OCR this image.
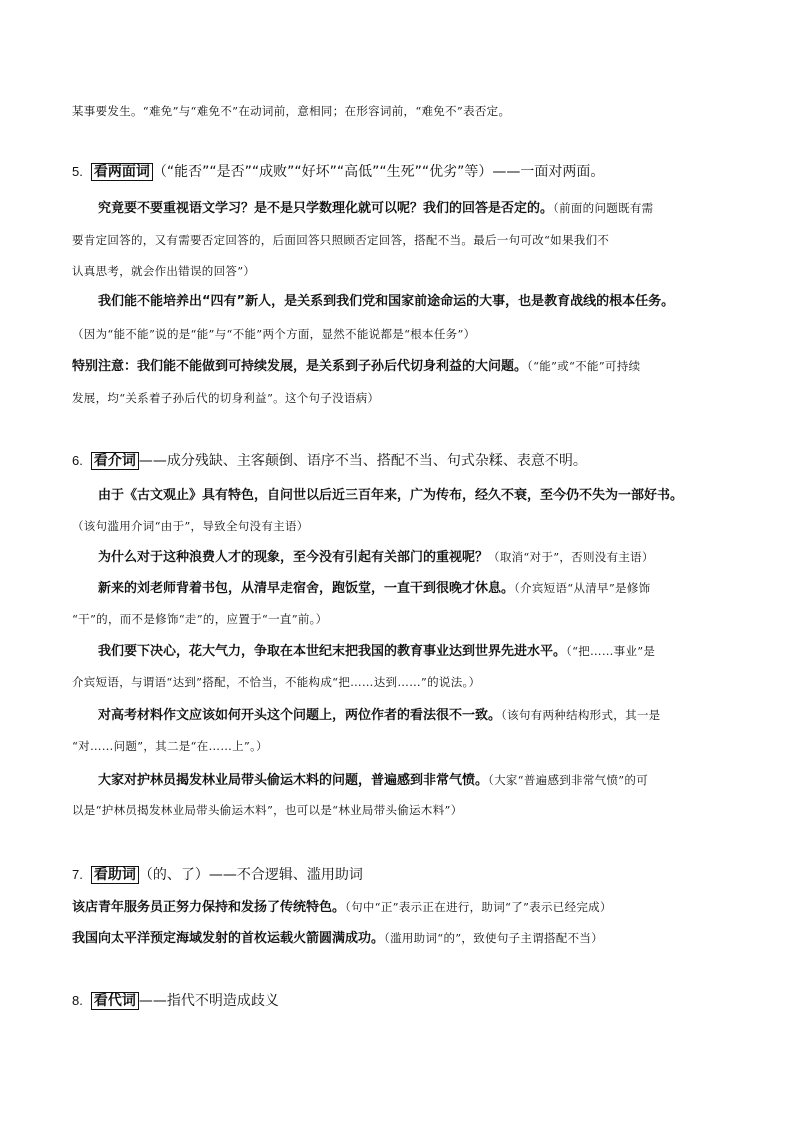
某事要发生。“难免”与“难免不”在动词前，意相同；在形容词前，“难免不”表否定。
5. 看两面词 （“能否”“是否”“成败”“好坏”“高低”“生死”“优劣”等）——一面对两面。
究竟要不要重视语文学习？是不是只学数理化就可以呢？我们的回答是否定的。（前面的问题既有需
要肯定回答的，又有需要否定回答的，后面回答只照顾否定回答，搭配不当。最后一句可改“如果我们不
认真思考，就会作出错误的回答”）
我们能不能培养出“四有”新人，是关系到我们党和国家前途命运的大事，也是教育战线的根本任务。
（因为“能不能”说的是“能”与“不能”两个方面，显然不能说都是“根本任务”）
特别注意：我们能不能做到可持续发展，是关系到子孙后代切身利益的大问题。（“能”或“不能”可持续
发展，均“关系着子孙后代的切身利益”。这个句子没语病）
6. 看介词 ——成分残缺、主客颠倒、语序不当、搭配不当、句式杂糅、表意不明。
由于《古文观止》具有特色，自问世以后近三百年来，广为传布，经久不衰，至今仍不失为一部好书。
（该句滥用介词“由于”，导致全句没有主语）
为什么对于这种浪费人才的现象，至今没有引起有关部门的重视呢？（取消“对于”，否则没有主语）
新来的刘老师背着书包，从清早走宿舍，跑饭堂，一直干到很晚才休息。（介宾短语“从清早”是修饰
“干”的，而不是修饰“走”的，应置于“一直”前。）
我们要下决心，花大气力，争取在本世纪末把我国的教育事业达到世界先进水平。（“把……事业”是
介宾短语，与谓语“达到”搭配，不恰当，不能构成“把……达到……”的说法。）
对高考材料作文应该如何开头这个问题上，两位作者的看法很不一致。（该句有两种结构形式，其一是
“对……问题”，其二是“在……上”。）
大家对护林员揭发林业局带头偷运木料的问题，普遍感到非常气愤。（大家“普遍感到非常气愤”的可
以是“护林员揭发林业局带头偷运木料”，也可以是“林业局带头偷运木料”）
7. 看助词 （的、了）——不合逻辑、滥用助词
该店青年服务员正努力保持和发扬了传统特色。（句中“正”表示正在进行，助词“了”表示已经完成）
我国向太平洋预定海域发射的首枚运载火箭圆满成功。（滥用助词“的”，致使句子主谓搭配不当）
8. 看代词 ——指代不明造成歧义
